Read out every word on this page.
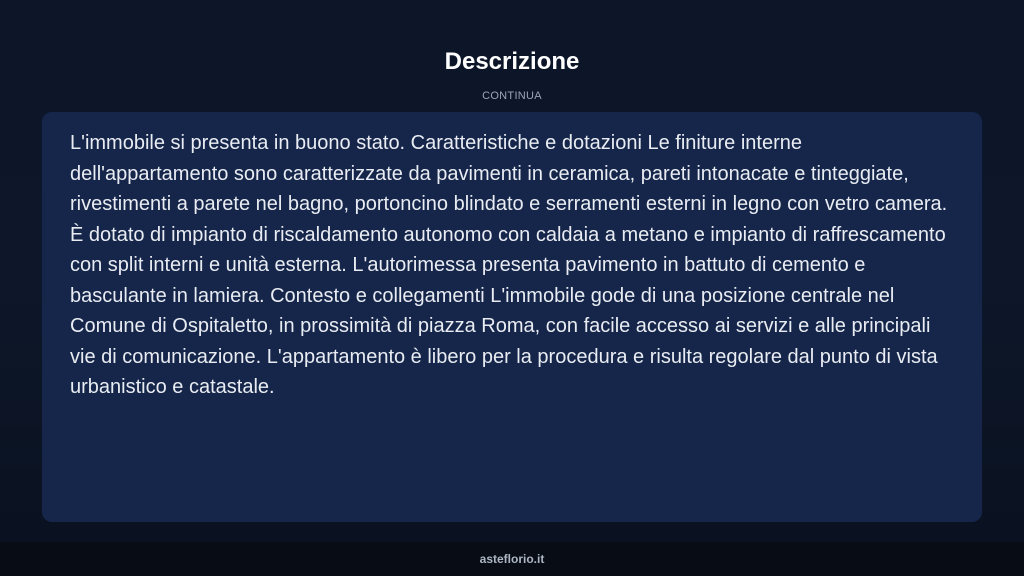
Descrizione
CONTINUA

L'immobile si presenta in buono stato. Caratteristiche e dotazioni Le finiture interne dell'appartamento sono caratterizzate da pavimenti in ceramica, pareti intonacate e tinteggiate, rivestimenti a parete nel bagno, portoncino blindato e serramenti esterni in legno con vetro camera. È dotato di impianto di riscaldamento autonomo con caldaia a metano e impianto di raffrescamento con split interni e unità esterna. L'autorimessa presenta pavimento in battuto di cemento e basculante in lamiera. Contesto e collegamenti L'immobile gode di una posizione centrale nel Comune di Ospitaletto, in prossimità di piazza Roma, con facile accesso ai servizi e alle principali vie di comunicazione. L'appartamento è libero per la procedura e risulta regolare dal punto di vista urbanistico e catastale.

asteflorio.it
